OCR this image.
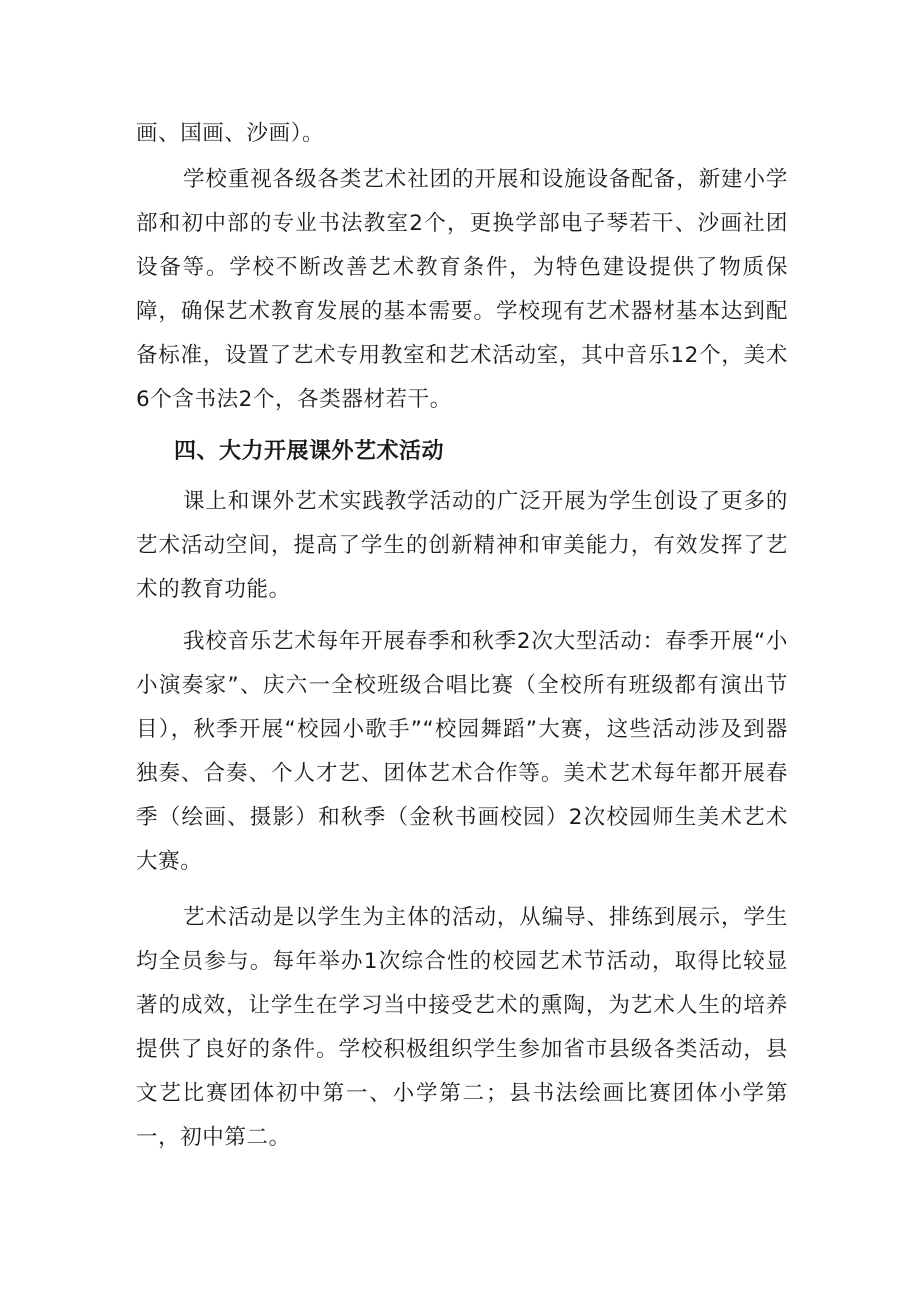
画、国画、沙画）。

学校重视各级各类艺术社团的开展和设施设备配备，新建小学部和初中部的专业书法教室2个，更换学部电子琴若干、沙画社团设备等。学校不断改善艺术教育条件，为特色建设提供了物质保障，确保艺术教育发展的基本需要。学校现有艺术器材基本达到配备标准，设置了艺术专用教室和艺术活动室，其中音乐12个，美术6个含书法2个，各类器材若干。

四、大力开展课外艺术活动

课上和课外艺术实践教学活动的广泛开展为学生创设了更多的艺术活动空间，提高了学生的创新精神和审美能力，有效发挥了艺术的教育功能。

我校音乐艺术每年开展春季和秋季2次大型活动：春季开展“小小演奏家”、庆六一全校班级合唱比赛（全校所有班级都有演出节目），秋季开展“校园小歌手”“校园舞蹈”大赛，这些活动涉及到器独奏、合奏、个人才艺、团体艺术合作等。美术艺术每年都开展春季（绘画、摄影）和秋季（金秋书画校园）2次校园师生美术艺术大赛。

艺术活动是以学生为主体的活动，从编导、排练到展示，学生均全员参与。每年举办1次综合性的校园艺术节活动，取得比较显著的成效，让学生在学习当中接受艺术的熏陶，为艺术人生的培养提供了良好的条件。学校积极组织学生参加省市县级各类活动，县文艺比赛团体初中第一、小学第二；县书法绘画比赛团体小学第一，初中第二。
